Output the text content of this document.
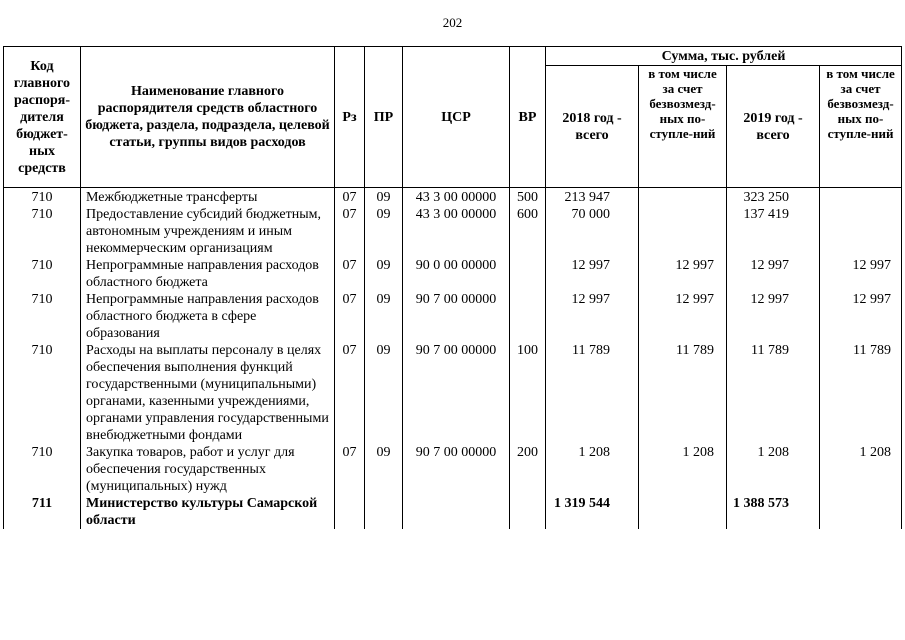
202
Код главного распоря-дителя бюджет-ных средств	Наименование главного распорядителя средств областного бюджета, раздела, подраздела, целевой статьи, группы видов расходов	Рз	ПР	ЦСР	ВР	Сумма, тыс. рублей			
						2018 год - всего	в том числе за счет безвозмезд-ных по-ступле-ний	2019 год - всего	в том числе за счет безвозмезд-ных по-ступле-ний
710	Межбюджетные трансферты	07	09	43 3 00 00000	500	213 947		323 250	
710	Предоставление субсидий бюджетным, автономным учреждениям и иным некоммерческим организациям	07	09	43 3 00 00000	600	70 000		137 419	
710	Непрограммные направления расходов областного бюджета	07	09	90 0 00 00000		12 997	12 997	12 997	12 997
710	Непрограммные направления расходов областного бюджета в сфере образования	07	09	90 7 00 00000		12 997	12 997	12 997	12 997
710	Расходы на выплаты персоналу в целях обеспечения выполнения функций государственными (муниципальными) органами, казенными учреждениями, органами управления государственными внебюджетными фондами	07	09	90 7 00 00000	100	11 789	11 789	11 789	11 789
710	Закупка товаров, работ и услуг для обеспечения государственных (муниципальных) нужд	07	09	90 7 00 00000	200	1 208	1 208	1 208	1 208
711	Министерство культуры Самарской области					1 319 544		1 388 573	
